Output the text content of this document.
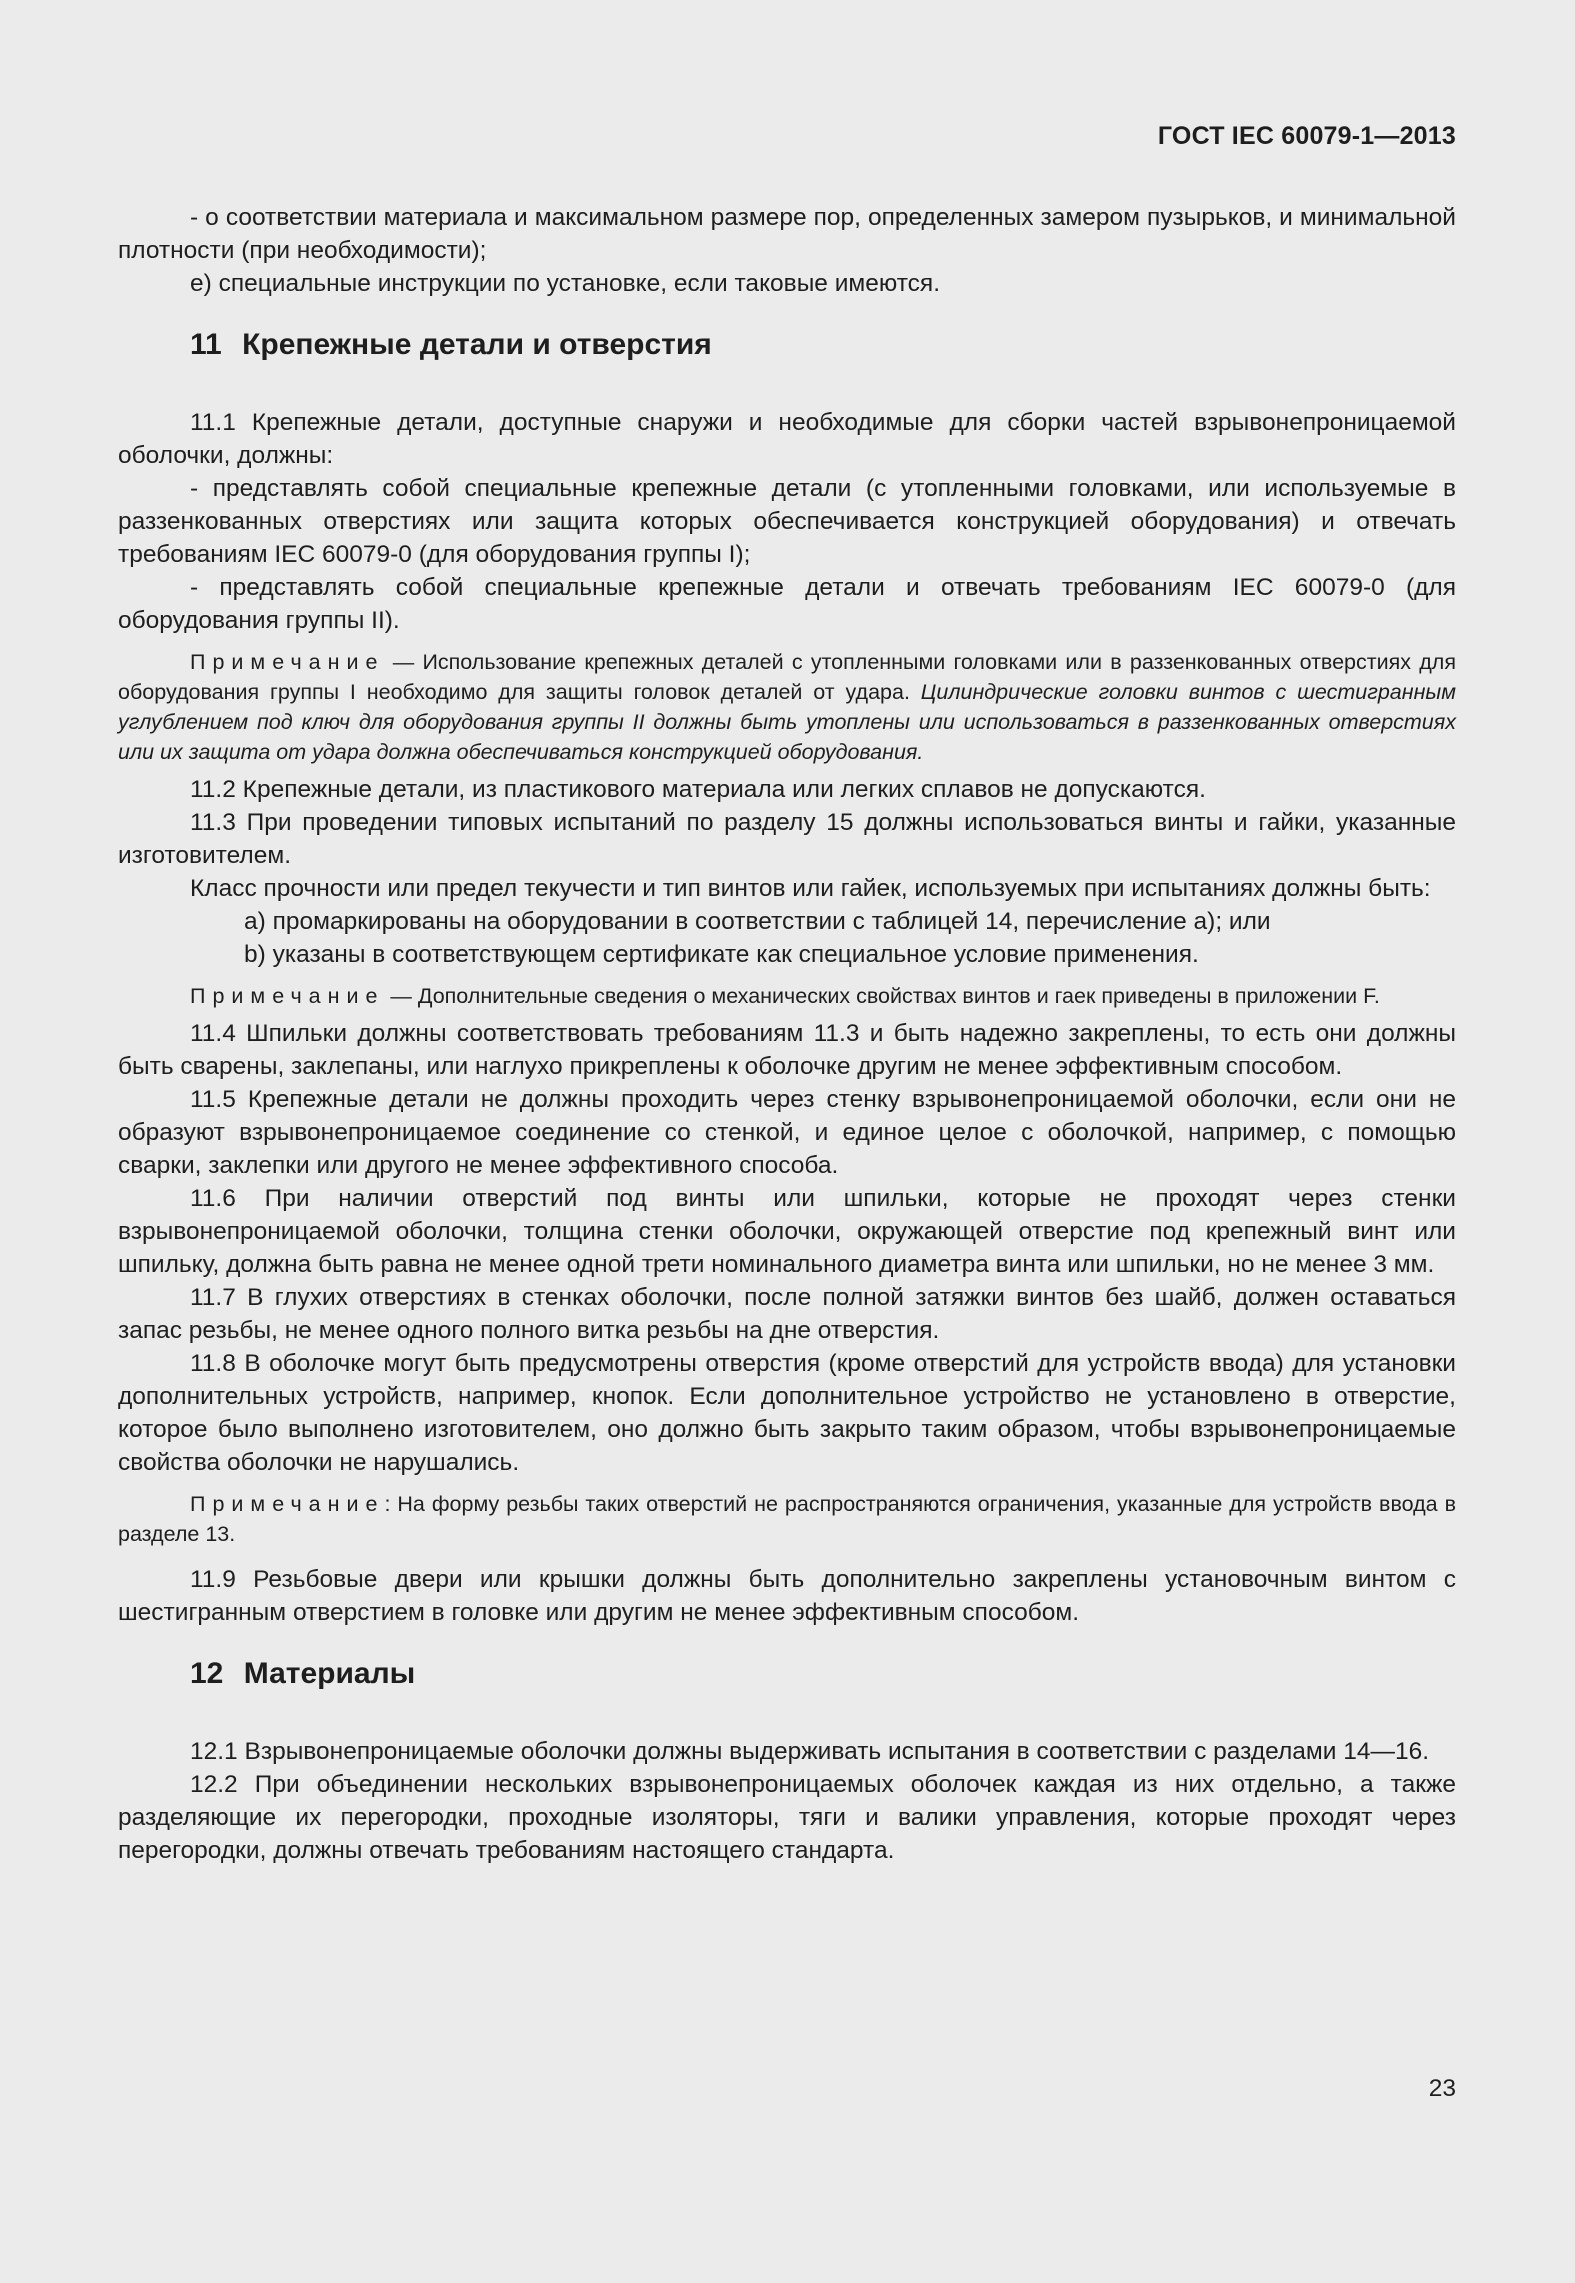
ГОСТ IEC 60079-1—2013

- о соответствии материала и максимальном размере пор, определенных замером пузырьков, и минимальной плотности (при необходимости);

e) специальные инструкции по установке, если таковые имеются.

11 Крепежные детали и отверстия

11.1 Крепежные детали, доступные снаружи и необходимые для сборки частей взрывонепроницаемой оболочки, должны:

- представлять собой специальные крепежные детали (с утопленными головками, или используемые в раззенкованных отверстиях или защита которых обеспечивается конструкцией оборудования) и отвечать требованиям IEC 60079-0 (для оборудования группы I);

- представлять собой специальные крепежные детали и отвечать требованиям IEC 60079-0 (для оборудования группы II).

Примечание — Использование крепежных деталей с утопленными головками или в раззенкованных отверстиях для оборудования группы I необходимо для защиты головок деталей от удара. Цилиндрические головки винтов с шестигранным углублением под ключ для оборудования группы II должны быть утоплены или использоваться в раззенкованных отверстиях или их защита от удара должна обеспечиваться конструкцией оборудования.

11.2 Крепежные детали, из пластикового материала или легких сплавов не допускаются.

11.3 При проведении типовых испытаний по разделу 15 должны использоваться винты и гайки, указанные изготовителем.

Класс прочности или предел текучести и тип винтов или гайек, используемых при испытаниях должны быть:

a) промаркированы на оборудовании в соответствии с таблицей 14, перечисление a); или

b) указаны в соответствующем сертификате как специальное условие применения.

Примечание — Дополнительные сведения о механических свойствах винтов и гаек приведены в приложении F.

11.4 Шпильки должны соответствовать требованиям 11.3 и быть надежно закреплены, то есть они должны быть сварены, заклепаны, или наглухо прикреплены к оболочке другим не менее эффективным способом.

11.5 Крепежные детали не должны проходить через стенку взрывонепроницаемой оболочки, если они не образуют взрывонепроницаемое соединение со стенкой, и единое целое с оболочкой, например, с помощью сварки, заклепки или другого не менее эффективного способа.

11.6 При наличии отверстий под винты или шпильки, которые не проходят через стенки взрывонепроницаемой оболочки, толщина стенки оболочки, окружающей отверстие под крепежный винт или шпильку, должна быть равна не менее одной трети номинального диаметра винта или шпильки, но не менее 3 мм.

11.7 В глухих отверстиях в стенках оболочки, после полной затяжки винтов без шайб, должен оставаться запас резьбы, не менее одного полного витка резьбы на дне отверстия.

11.8 В оболочке могут быть предусмотрены отверстия (кроме отверстий для устройств ввода) для установки дополнительных устройств, например, кнопок. Если дополнительное устройство не установлено в отверстие, которое было выполнено изготовителем, оно должно быть закрыто таким образом, чтобы взрывонепроницаемые свойства оболочки не нарушались.

Примечание: На форму резьбы таких отверстий не распространяются ограничения, указанные для устройств ввода в разделе 13.

11.9 Резьбовые двери или крышки должны быть дополнительно закреплены установочным винтом с шестигранным отверстием в головке или другим не менее эффективным способом.

12 Материалы

12.1 Взрывонепроницаемые оболочки должны выдерживать испытания в соответствии с разделами 14—16.

12.2 При объединении нескольких взрывонепроницаемых оболочек каждая из них отдельно, а также разделяющие их перегородки, проходные изоляторы, тяги и валики управления, которые проходят через перегородки, должны отвечать требованиям настоящего стандарта.

23
